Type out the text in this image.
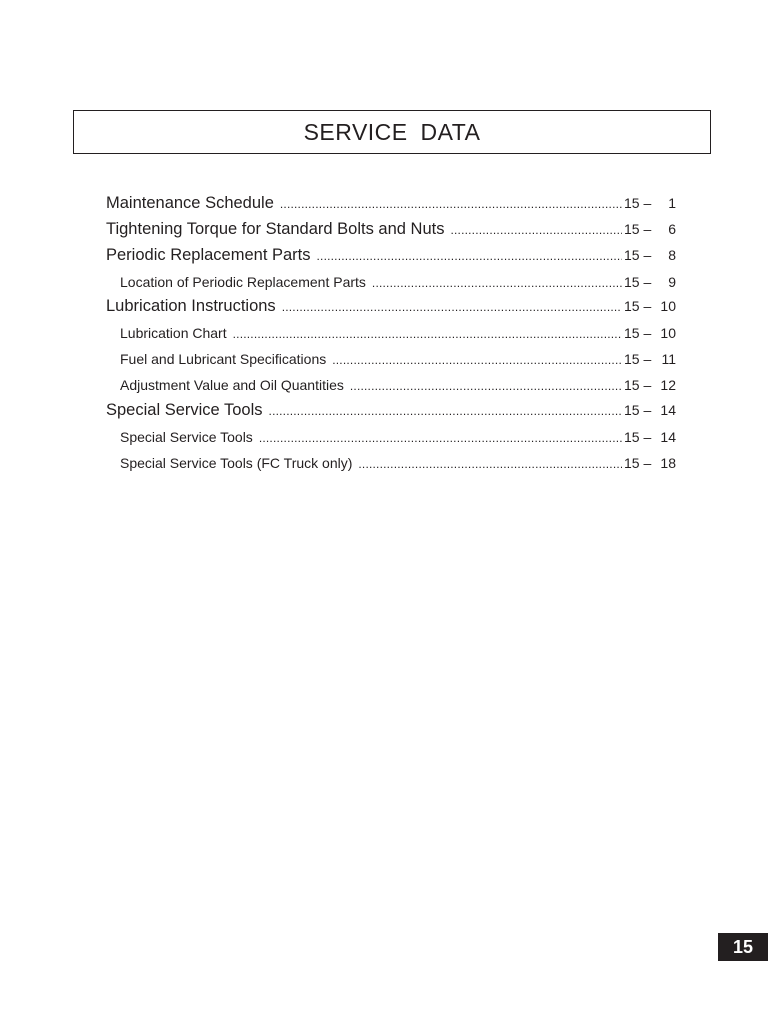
SERVICE DATA
Maintenance Schedule .....	15 –	1
Tightening Torque for Standard Bolts and Nuts .....	15 –	6
Periodic Replacement Parts .....	15 –	8
Location of Periodic Replacement Parts .....	15 –	9
Lubrication Instructions .....	15 – 10
Lubrication Chart .....	15 – 10
Fuel and Lubricant Specifications .....	15 – 11
Adjustment Value and Oil Quantities .....	15 – 12
Special Service Tools .....	15 – 14
Special Service Tools .....	15 – 14
Special Service Tools (FC Truck only) .....	15 – 18
15
